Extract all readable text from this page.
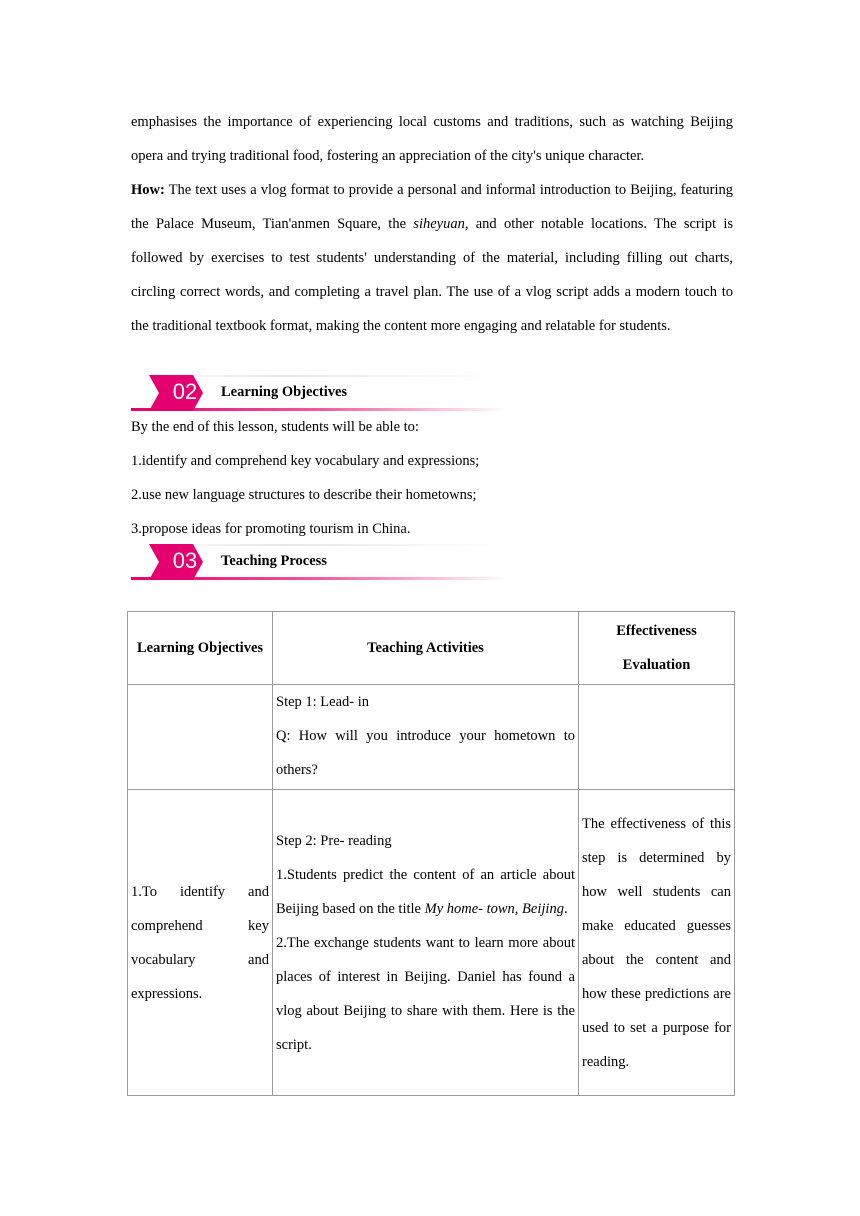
emphasises the importance of experiencing local customs and traditions, such as watching Beijing opera and trying traditional food, fostering an appreciation of the city's unique character.

How: The text uses a vlog format to provide a personal and informal introduction to Beijing, featuring the Palace Museum, Tian'anmen Square, the siheyuan, and other notable locations. The script is followed by exercises to test students' understanding of the material, including filling out charts, circling correct words, and completing a travel plan. The use of a vlog script adds a modern touch to the traditional textbook format, making the content more engaging and relatable for students.

02	Learning Objectives

By the end of this lesson, students will be able to:

1.identify and comprehend key vocabulary and expressions;

2.use new language structures to describe their hometowns;

3.propose ideas for promoting tourism in China.

03	Teaching Process
Learning Objectives	Teaching Activities	Effectiveness Evaluation

	Step 1: Lead‑ in
Q: How will you introduce your hometown to others?	

1.To identify and comprehend key vocabulary and expressions.	Step 2: Pre‑ reading
1.Students predict the content of an article about Beijing based on the title My home‑ town, Beijing.
2.The exchange students want to learn more about places of interest in Beijing. Daniel has found a vlog about Beijing to share with them. Here is the script.	The effectiveness of this step is determined by how well students can make educated guesses about the content and how these predictions are used to set a purpose for reading.
